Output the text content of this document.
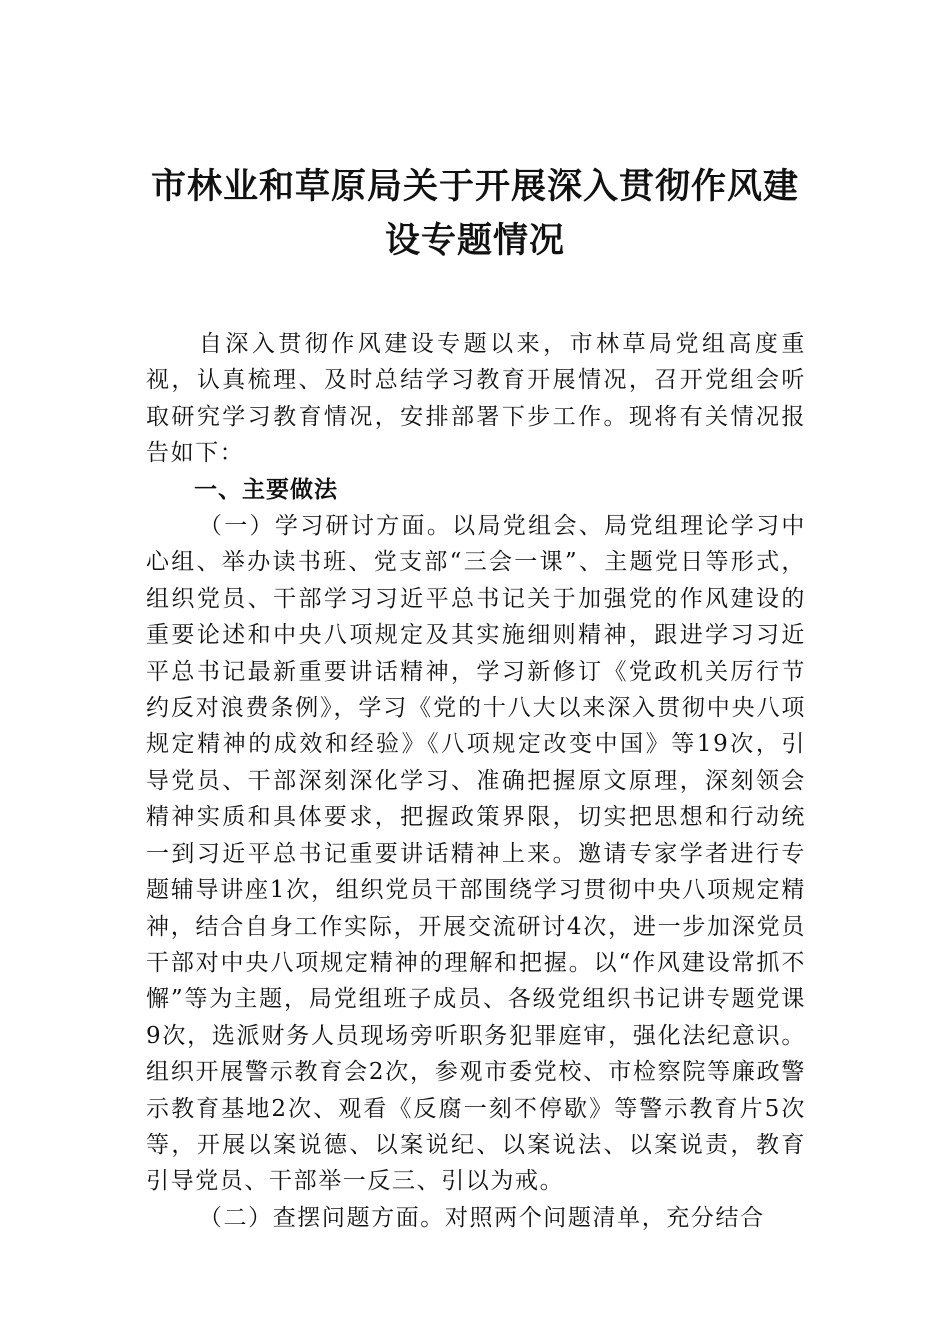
市林业和草原局关于开展深入贯彻作风建
设专题情况

自深入贯彻作风建设专题以来，市林草局党组高度重视，认真梳理、及时总结学习教育开展情况，召开党组会听取研究学习教育情况，安排部署下步工作。现将有关情况报告如下：

一、主要做法

（一）学习研讨方面。以局党组会、局党组理论学习中心组、举办读书班、党支部“三会一课”、主题党日等形式，组织党员、干部学习习近平总书记关于加强党的作风建设的重要论述和中央八项规定及其实施细则精神，跟进学习习近平总书记最新重要讲话精神，学习新修订《党政机关厉行节约反对浪费条例》，学习《党的十八大以来深入贯彻中央八项规定精神的成效和经验》《八项规定改变中国》等19次，引导党员、干部深刻深化学习、准确把握原文原理，深刻领会精神实质和具体要求，把握政策界限，切实把思想和行动统一到习近平总书记重要讲话精神上来。邀请专家学者进行专题辅导讲座1次，组织党员干部围绕学习贯彻中央八项规定精神，结合自身工作实际，开展交流研讨4次，进一步加深党员干部对中央八项规定精神的理解和把握。以“作风建设常抓不懈”等为主题，局党组班子成员、各级党组织书记讲专题党课9次，选派财务人员现场旁听职务犯罪庭审，强化法纪意识。组织开展警示教育会2次，参观市委党校、市检察院等廉政警示教育基地2次、观看《反腐一刻不停歇》等警示教育片5次等，开展以案说德、以案说纪、以案说法、以案说责，教育引导党员、干部举一反三、引以为戒。

（二）查摆问题方面。对照两个问题清单，充分结合
